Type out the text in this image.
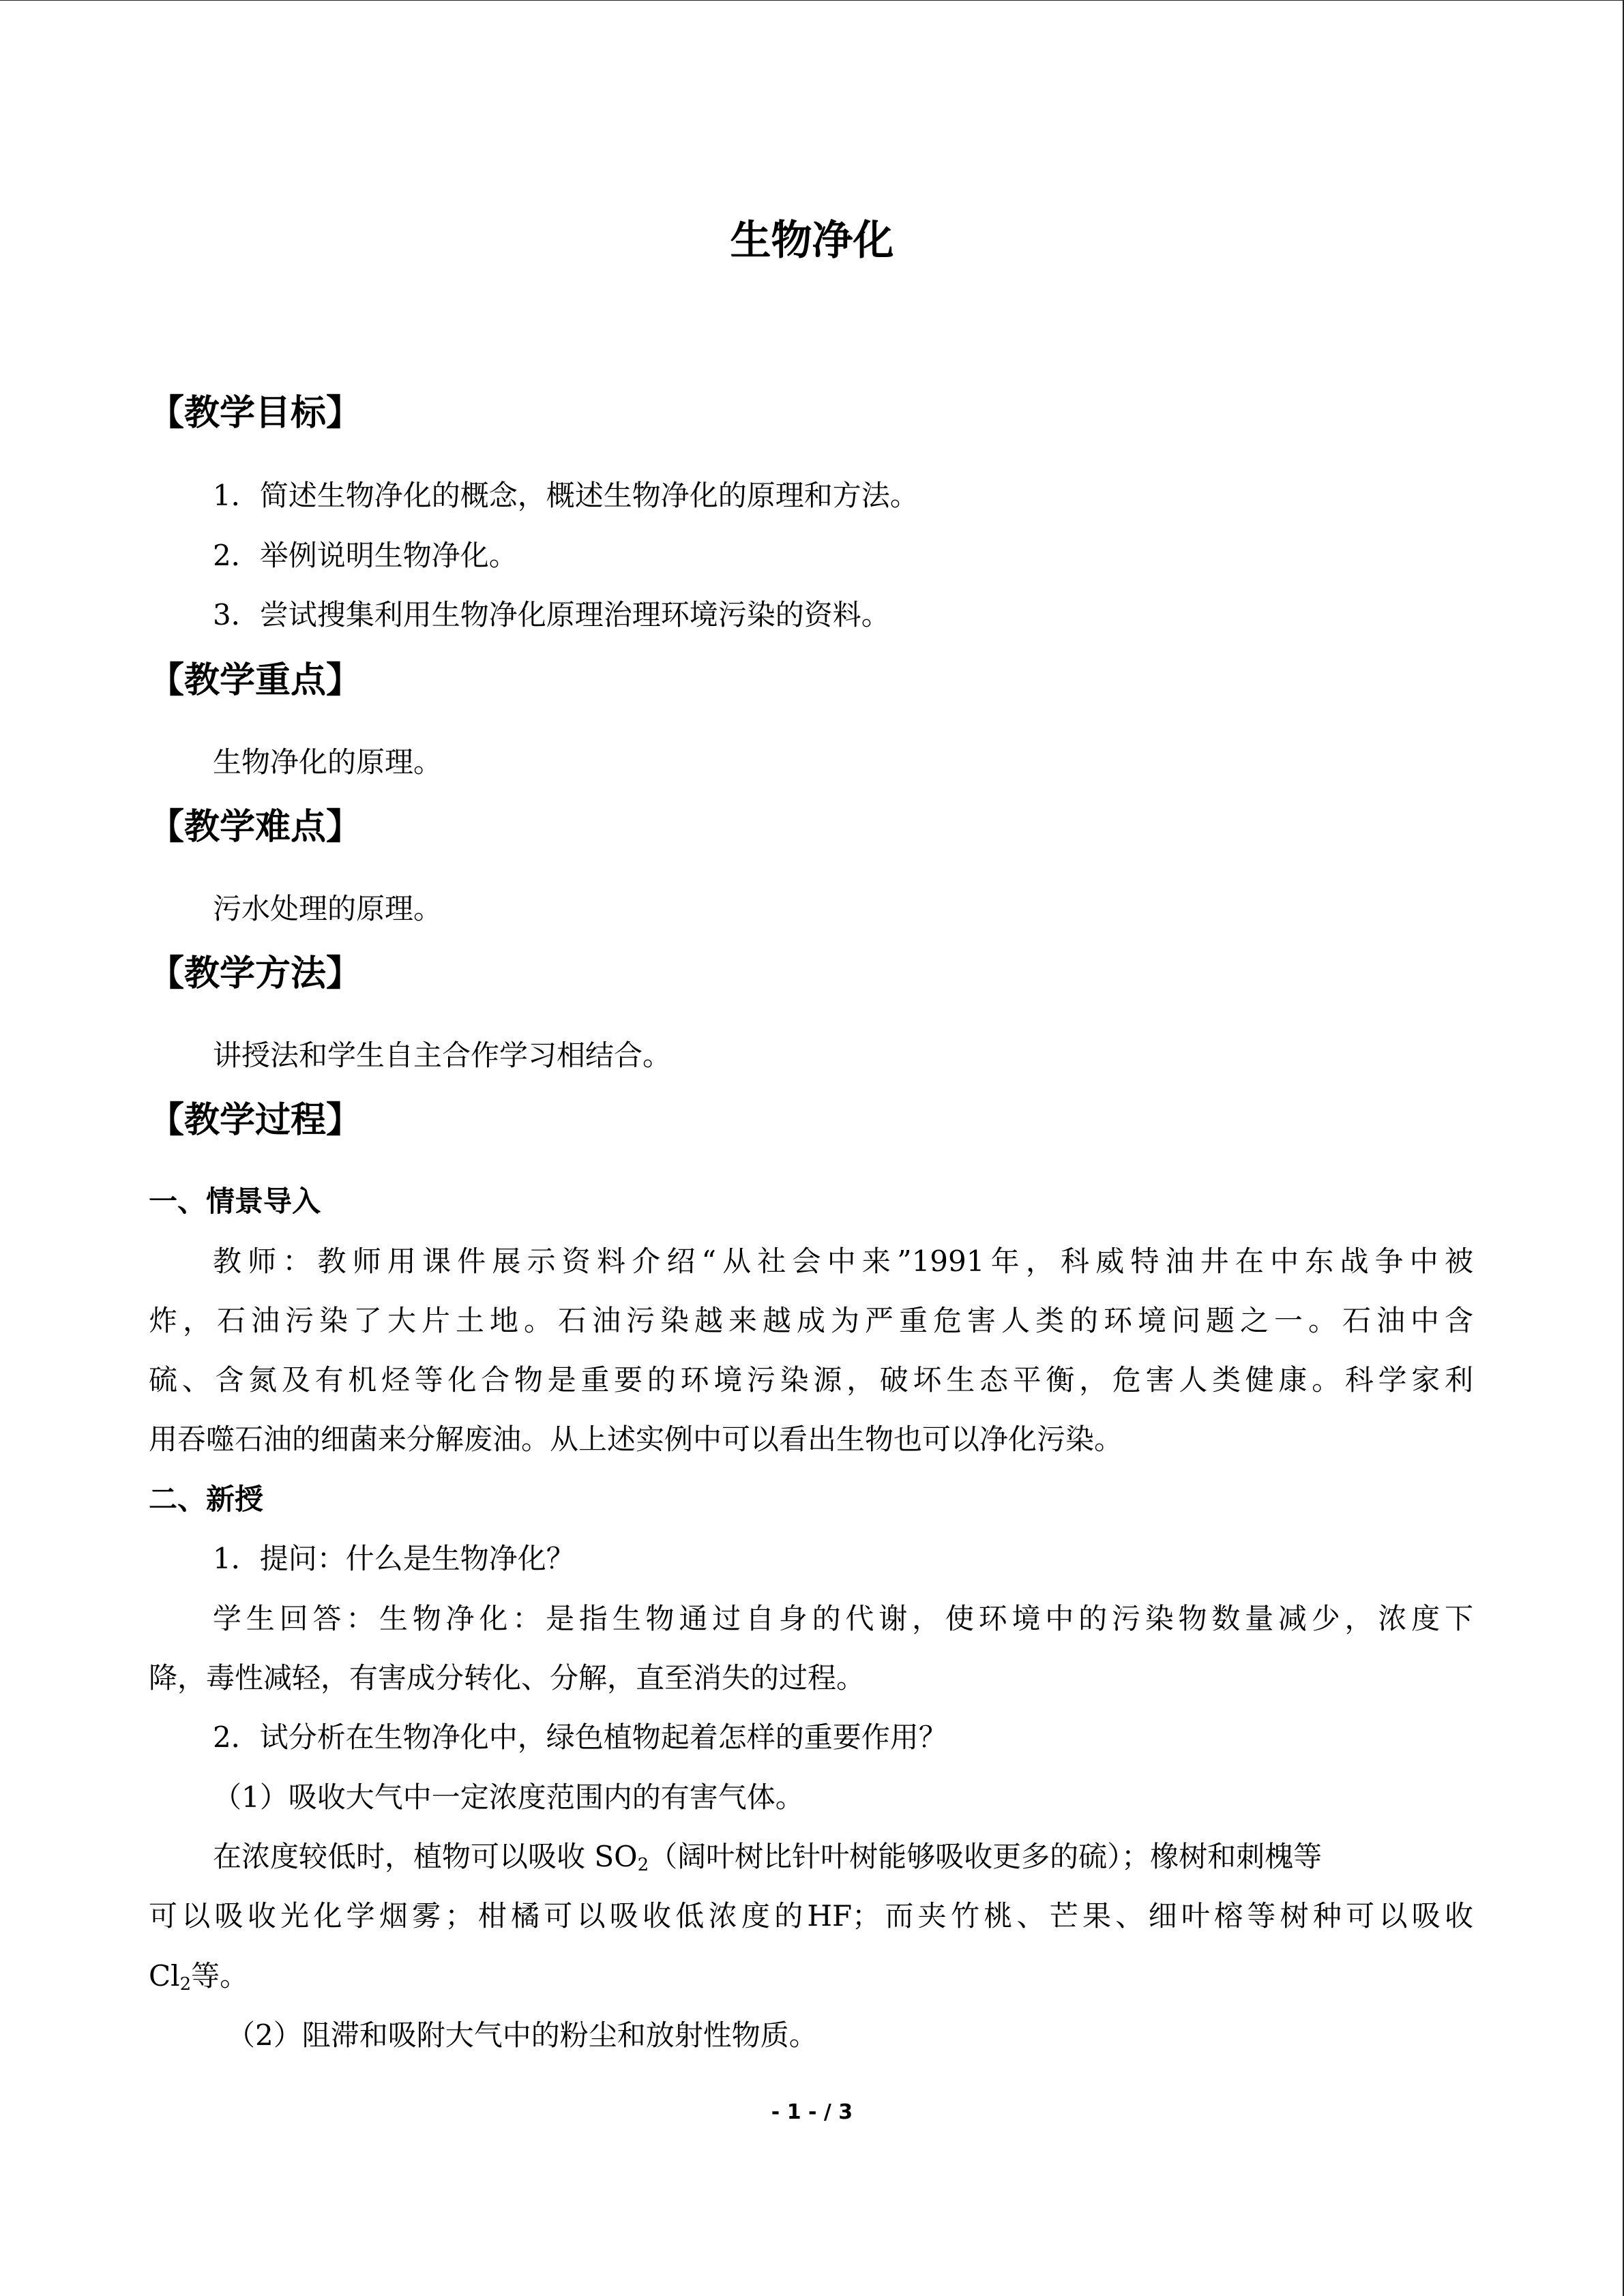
生物净化
【教学目标】

1．简述生物净化的概念，概述生物净化的原理和方法。

2．举例说明生物净化。

3．尝试搜集利用生物净化原理治理环境污染的资料。

【教学重点】

生物净化的原理。

【教学难点】

污水处理的原理。

【教学方法】

讲授法和学生自主合作学习相结合。

【教学过程】
一、情景导入

教师：教师用课件展示资料介绍“从社会中来”1991年，科威特油井在中东战争中被

炸，石油污染了大片土地。石油污染越来越成为严重危害人类的环境问题之一。石油中含

硫、含氮及有机烃等化合物是重要的环境污染源，破坏生态平衡，危害人类健康。科学家利

用吞噬石油的细菌来分解废油。从上述实例中可以看出生物也可以净化污染。

二、新授

1．提问：什么是生物净化？

学生回答：生物净化：是指生物通过自身的代谢，使环境中的污染物数量减少，浓度下

降，毒性减轻，有害成分转化、分解，直至消失的过程。

2．试分析在生物净化中，绿色植物起着怎样的重要作用？

（1）吸收大气中一定浓度范围内的有害气体。

在浓度较低时，植物可以吸收 $SO_2$（阔叶树比针叶树能够吸收更多的硫）；橡树和刺槐等

可以吸收光化学烟雾；柑橘可以吸收低浓度的HF；而夹竹桃、芒果、细叶榕等树种可以吸收

$Cl_2$等。

（2）阻滞和吸附大气中的粉尘和放射性物质。

- 1 - / 3
